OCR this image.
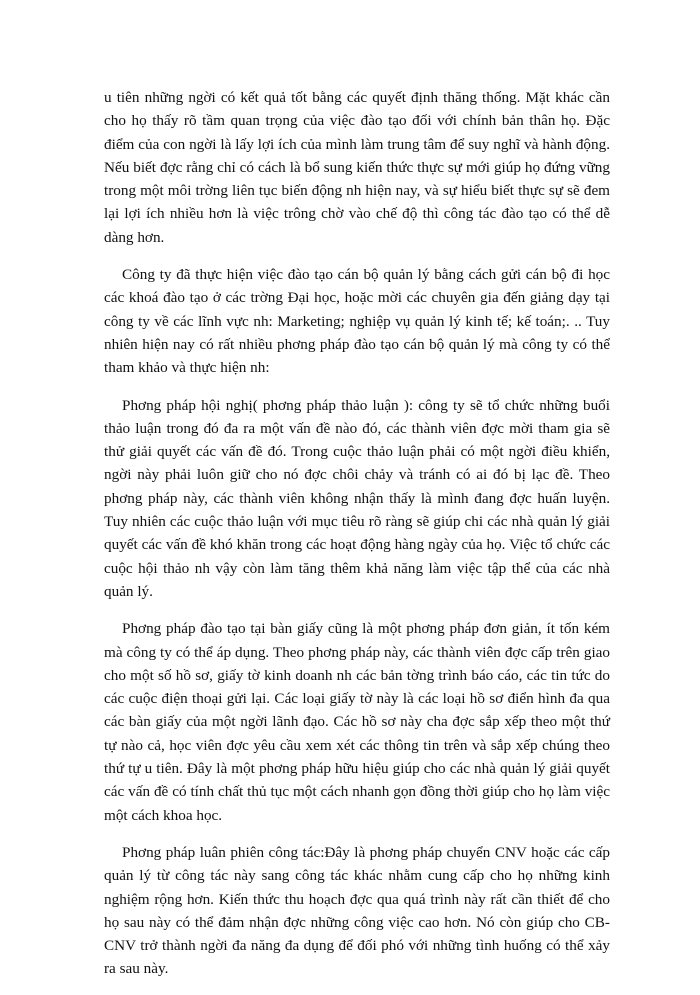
u tiên những ngời có kết quả tốt bằng các quyết định thăng thống. Mặt khác cần cho họ thấy rõ tầm quan trọng của việc đào tạo đối với chính bản thân họ. Đặc điểm của con ngời là lấy lợi ích của mình làm trung tâm để suy nghĩ và hành động. Nếu biết đợc rằng chỉ có cách là bổ sung kiến thức thực sự mới giúp họ đứng vững trong một môi trờng liên tục biến động nh hiện nay, và sự hiểu biết thực sự sẽ đem lại lợi ích nhiều hơn là việc trông chờ vào chế độ thì công tác đào tạo có thể dễ dàng hơn.

Công ty đã thực hiện việc đào tạo cán bộ quản lý bằng cách gửi cán bộ đi học các khoá đào tạo ở các trờng Đại học, hoặc mời các chuyên gia đến giảng dạy tại công ty về các lĩnh vực nh: Marketing; nghiệp vụ quản lý kinh tế; kế toán;. .. Tuy nhiên hiện nay có rất nhiều phơng pháp đào tạo cán bộ quản lý mà công ty có thể tham khảo và thực hiện nh:

Phơng pháp hội nghị( phơng pháp thảo luận ): công ty sẽ tổ chức những buổi thảo luận trong đó đa ra một vấn đề nào đó, các thành viên đợc mời tham gia sẽ thử giải quyết các vấn đề đó. Trong cuộc thảo luận phải có một ngời điều khiển, ngời này phải luôn giữ cho nó đợc chôi chảy và tránh có ai đó bị lạc đề. Theo phơng pháp này, các thành viên không nhận thấy là mình đang đợc huấn luyện. Tuy nhiên các cuộc thảo luận với mục tiêu rõ ràng sẽ giúp chi các nhà quản lý giải quyết các vấn đề khó khăn trong các hoạt động hàng ngày của họ. Việc tổ chức các cuộc hội thảo nh vậy còn làm tăng thêm khả năng làm việc tập thể của các nhà quản lý.

Phơng pháp đào tạo tại bàn giấy cũng là một phơng pháp đơn giản, ít tốn kém mà công ty có thể áp dụng. Theo phơng pháp này, các thành viên đợc cấp trên giao cho một số hồ sơ, giấy tờ kinh doanh nh các bản tờng trình báo cáo, các tin tức do các cuộc điện thoại gửi lại. Các loại giấy tờ này là các loại hồ sơ điển hình đa qua các bàn giấy của một ngời lãnh đạo. Các hồ sơ này cha đợc sắp xếp theo một thứ tự nào cả, học viên đợc yêu cầu xem xét các thông tin trên và sắp xếp chúng theo thứ tự u tiên. Đây là một phơng pháp hữu hiệu giúp cho các nhà quản lý giải quyết các vấn đề có tính chất thủ tục một cách nhanh gọn đồng thời giúp cho họ làm việc một cách khoa học.

Phơng pháp luân phiên công tác:Đây là phơng pháp chuyển CNV hoặc các cấp quản lý từ công tác này sang công tác khác nhằm cung cấp cho họ những kinh nghiệm rộng hơn. Kiến thức thu hoạch đợc qua quá trình này rất cần thiết để cho họ sau này có thể đảm nhận đợc những công việc cao hơn. Nó còn giúp cho CB- CNV trở thành ngời đa năng đa dụng để đối phó với những tình huống có thể xảy ra sau này.
